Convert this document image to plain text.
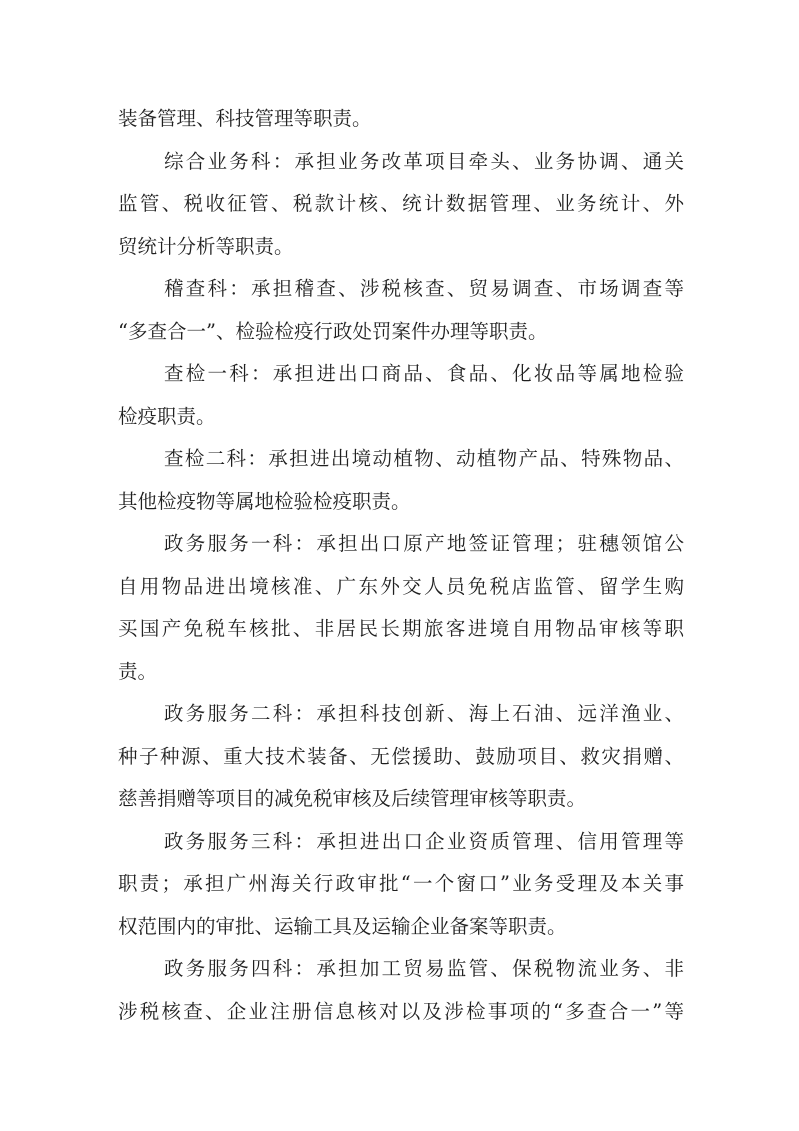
装备管理、科技管理等职责。
综合业务科：承担业务改革项目牵头、业务协调、通关
监管、税收征管、税款计核、统计数据管理、业务统计、外
贸统计分析等职责。
稽查科：承担稽查、涉税核查、贸易调查、市场调查等
“多查合一”、检验检疫行政处罚案件办理等职责。
查检一科：承担进出口商品、食品、化妆品等属地检验
检疫职责。
查检二科：承担进出境动植物、动植物产品、特殊物品、
其他检疫物等属地检验检疫职责。
政务服务一科：承担出口原产地签证管理；驻穗领馆公
自用物品进出境核准、广东外交人员免税店监管、留学生购
买国产免税车核批、非居民长期旅客进境自用物品审核等职
责。
政务服务二科：承担科技创新、海上石油、远洋渔业、
种子种源、重大技术装备、无偿援助、鼓励项目、救灾捐赠、
慈善捐赠等项目的减免税审核及后续管理审核等职责。
政务服务三科：承担进出口企业资质管理、信用管理等
职责；承担广州海关行政审批“一个窗口”业务受理及本关事
权范围内的审批、运输工具及运输企业备案等职责。
政务服务四科：承担加工贸易监管、保税物流业务、非
涉税核查、企业注册信息核对以及涉检事项的“多查合一”等
